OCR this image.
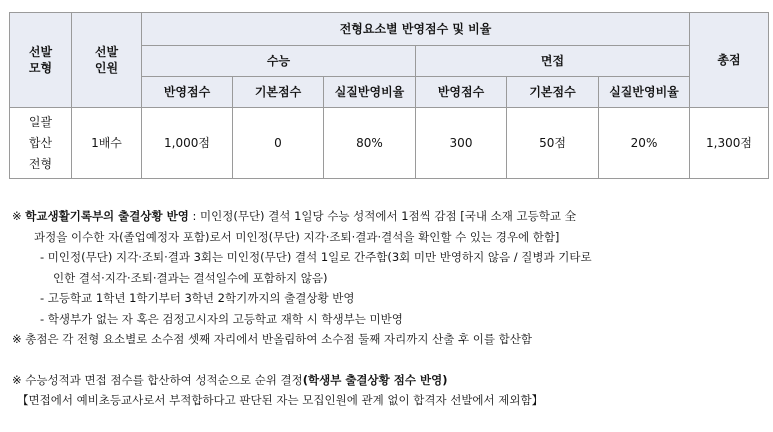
선발 모형	선발 인원	전형요소별 반영점수 및 비율						총점
		수능			면접			
		반영점수	기본점수	실질반영비율	반영점수	기본점수	실질반영비율	

일괄 합산 전형	1배수	1,000점	0	80%	300	50점	20%	1,300점
※ 학교생활기록부의 출결상황 반영 : 미인정(무단) 결석 1일당 수능 성적에서 1점씩 감점 [국내 소재 고등학교 全
과정을 이수한 자(졸업예정자 포함)로서 미인정(무단) 지각·조퇴·결과·결석을 확인할 수 있는 경우에 한함]
- 미인정(무단) 지각·조퇴·결과 3회는 미인정(무단) 결석 1일로 간주함(3회 미만 반영하지 않음 / 질병과 기타로
인한 결석·지각·조퇴·결과는 결석일수에 포함하지 않음)
- 고등학교 1학년 1학기부터 3학년 2학기까지의 출결상황 반영
- 학생부가 없는 자 혹은 검정고시자의 고등학교 재학 시 학생부는 미반영
※ 총점은 각 전형 요소별로 소수점 셋째 자리에서 반올림하여 소수점 둘째 자리까지 산출 후 이를 합산함
※ 수능성적과 면접 점수를 합산하여 성적순으로 순위 결정(학생부 출결상황 점수 반영)
【면접에서 예비초등교사로서 부적합하다고 판단된 자는 모집인원에 관계 없이 합격자 선발에서 제외함】
